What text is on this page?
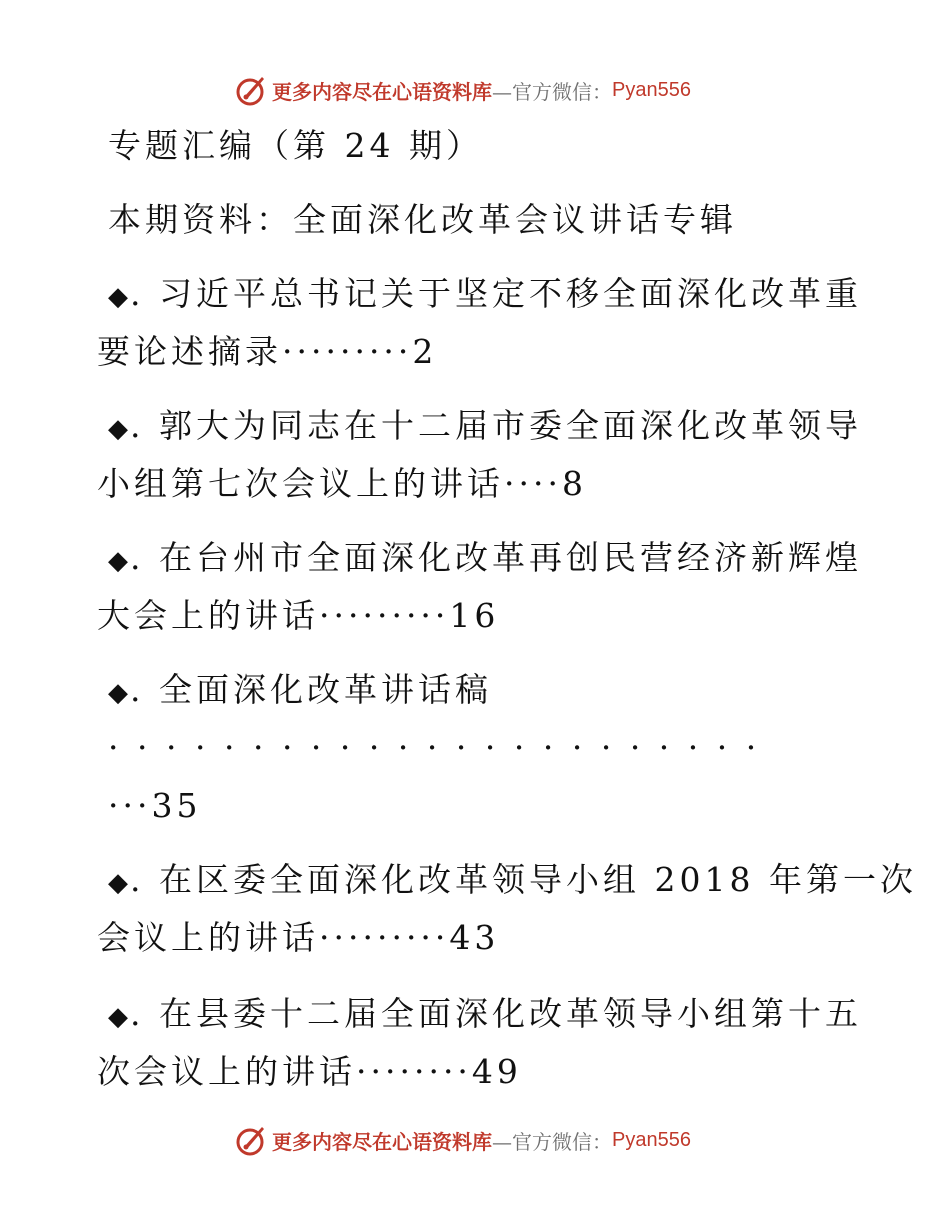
更多内容尽在心语资料库 —官方微信： Pyan556
专题汇编（第 24 期）
本期资料：全面深化改革会议讲话专辑
◆. 习近平总书记关于坚定不移全面深化改革重
要论述摘录·········2
◆. 郭大为同志在十二届市委全面深化改革领导
小组第七次会议上的讲话····8
◆. 在台州市全面深化改革再创民营经济新辉煌
大会上的讲话·········16
◆. 全面深化改革讲话稿
·······················
···35
◆. 在区委全面深化改革领导小组 2018 年第一次
会议上的讲话·········43
◆. 在县委十二届全面深化改革领导小组第十五
次会议上的讲话········49
更多内容尽在心语资料库 —官方微信： Pyan556
